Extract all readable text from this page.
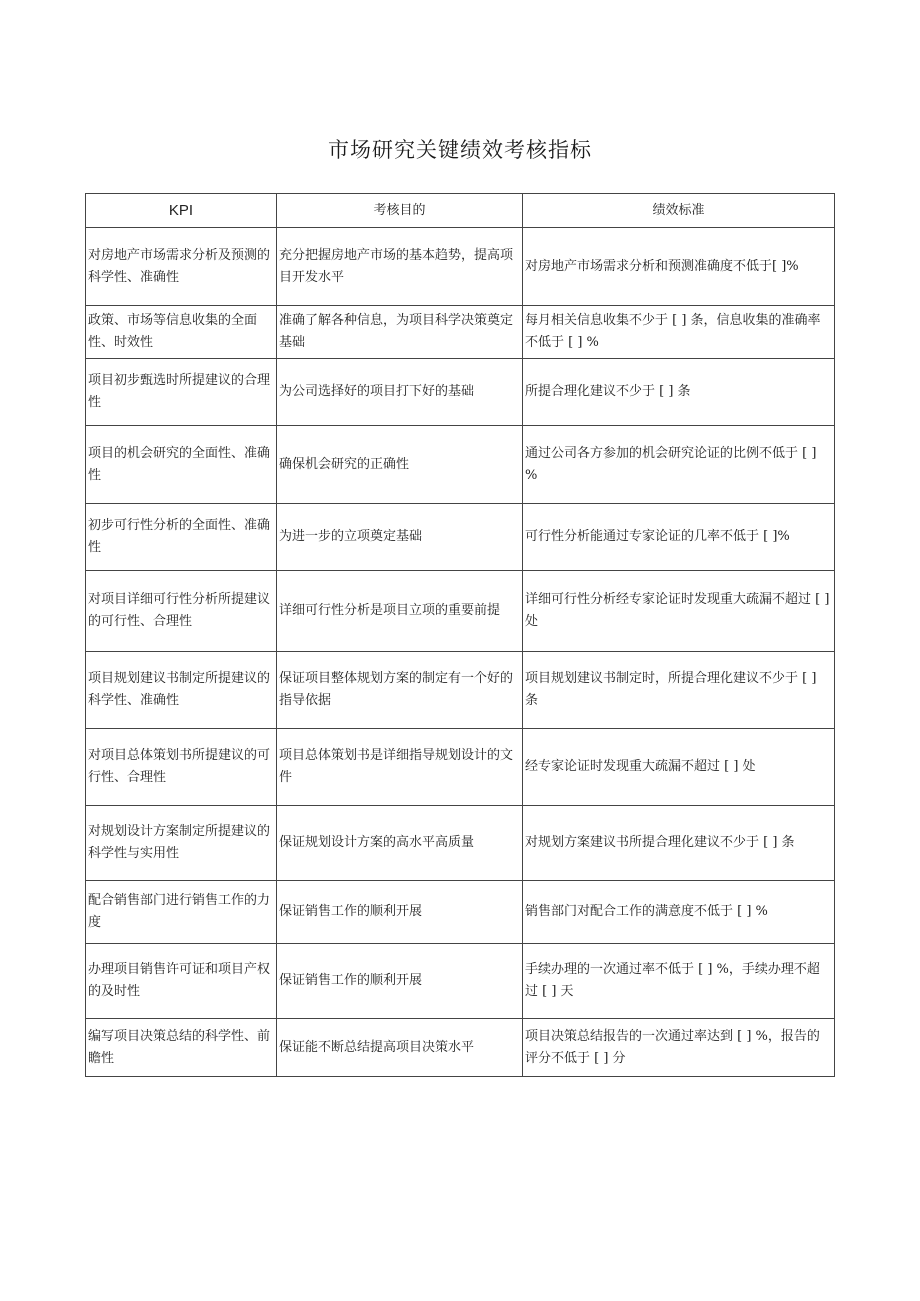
市场研究关键绩效考核指标
KPI	考核目的	绩效标准
对房地产市场需求分析及预测的科学性、准确性	充分把握房地产市场的基本趋势，提高项目开发水平	对房地产市场需求分析和预测准确度不低于[ ]%
政策、市场等信息收集的全面性、时效性	准确了解各种信息，为项目科学决策奠定基础	每月相关信息收集不少于 [ ] 条，信息收集的准确率不低于 [ ] %
项目初步甄选时所提建议的合理性	为公司选择好的项目打下好的基础	所提合理化建议不少于 [ ] 条
项目的机会研究的全面性、准确性	确保机会研究的正确性	通过公司各方参加的机会研究论证的比例不低于 [ ] %
初步可行性分析的全面性、准确性	为进一步的立项奠定基础	可行性分析能通过专家论证的几率不低于 [ ]%
对项目详细可行性分析所提建议的可行性、合理性	详细可行性分析是项目立项的重要前提	详细可行性分析经专家论证时发现重大疏漏不超过 [ ] 处
项目规划建议书制定所提建议的科学性、准确性	保证项目整体规划方案的制定有一个好的指导依据	项目规划建议书制定时，所提合理化建议不少于 [ ] 条
对项目总体策划书所提建议的可行性、合理性	项目总体策划书是详细指导规划设计的文件	经专家论证时发现重大疏漏不超过 [ ] 处
对规划设计方案制定所提建议的科学性与实用性	保证规划设计方案的高水平高质量	对规划方案建议书所提合理化建议不少于 [ ] 条
配合销售部门进行销售工作的力度	保证销售工作的顺利开展	销售部门对配合工作的满意度不低于 [ ] %
办理项目销售许可证和项目产权的及时性	保证销售工作的顺利开展	手续办理的一次通过率不低于 [ ] %，手续办理不超过 [ ] 天
编写项目决策总结的科学性、前瞻性	保证能不断总结提高项目决策水平	项目决策总结报告的一次通过率达到 [ ] %，报告的评分不低于 [ ] 分
